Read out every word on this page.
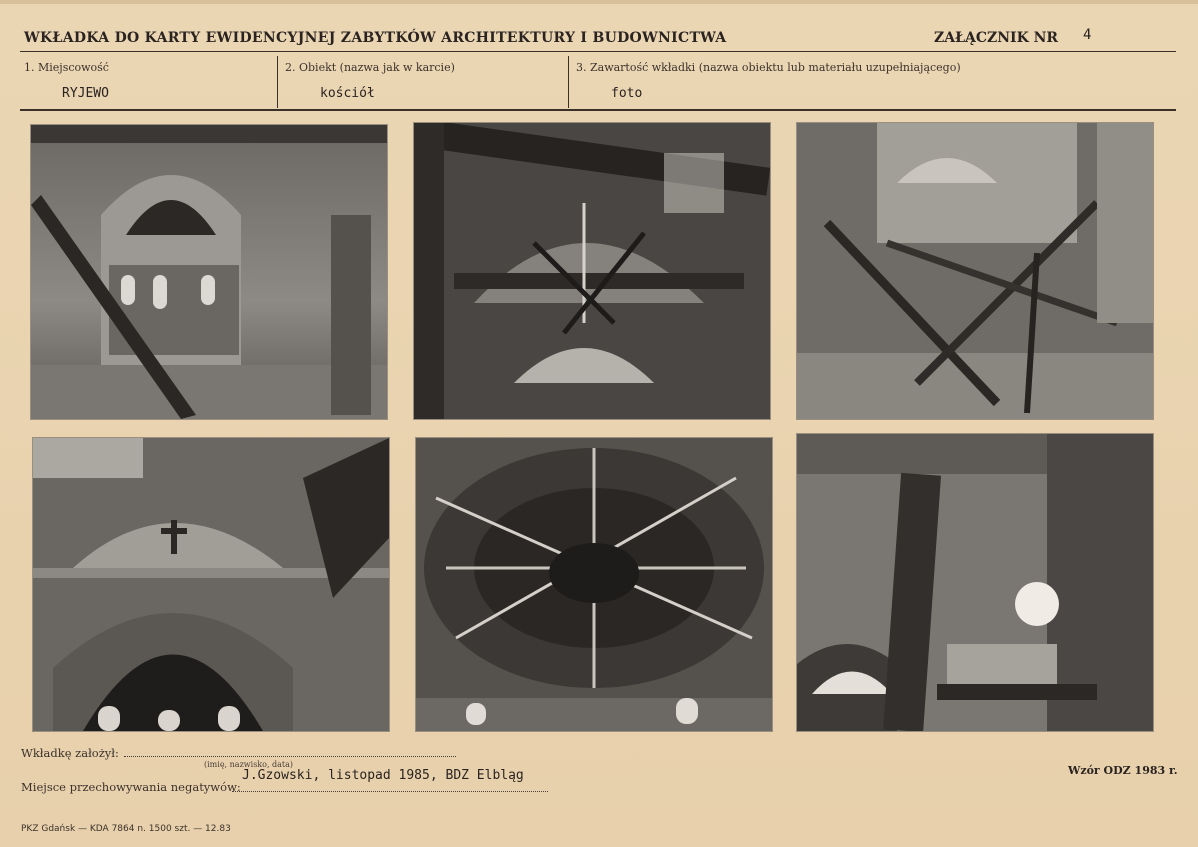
WKŁADKA DO KARTY EWIDENCYJNEJ ZABYTKÓW ARCHITEKTURY I BUDOWNICTWA	ZAŁĄCZNIK NR 4
1. Miejscowość
RYJEWO
2. Obiekt (nazwa jak w karcie)
kościół
3. Zawartość wkładki (nazwa obiektu lub materiału uzupełniającego)
foto
Wkładkę założył:
(imię, nazwisko, data)
J.Gzowski, listopad 1985, BDZ Elbląg
Miejsce przechowywania negatywów:
Wzór ODZ 1983 r.
PKZ Gdańsk — KDA 7864 n. 1500 szt. — 12.83
